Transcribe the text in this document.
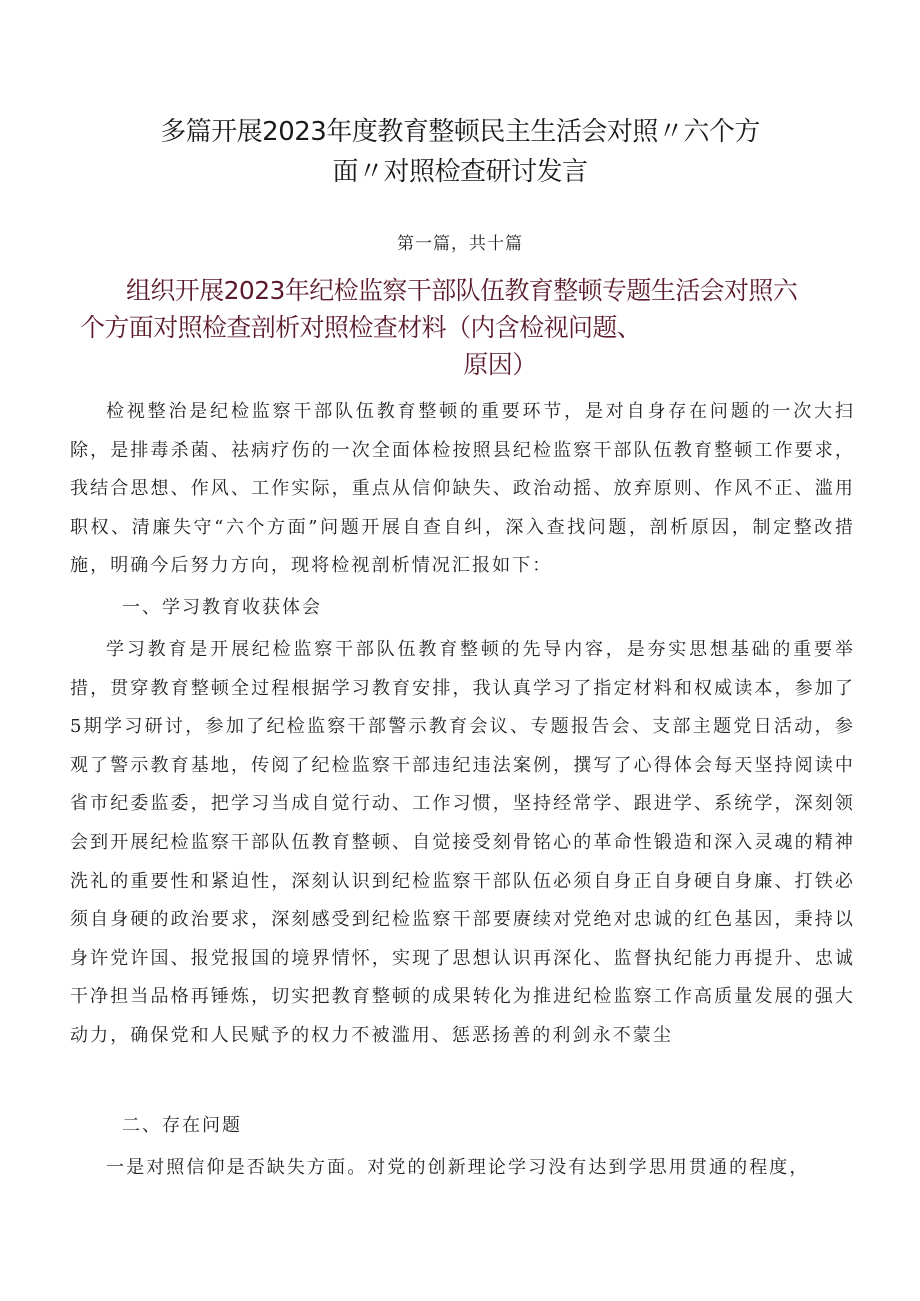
多篇开展2023年度教育整顿民主生活会对照〃六个方
面〃对照检查研讨发言
第一篇，共十篇
组织开展2023年纪检监察干部队伍教育整顿专题生活会对照六
个方面对照检查剖析对照检查材料（内含检视问题、
原因）

检视整治是纪检监察干部队伍教育整顿的重要环节，是对自身存在问题的一次大扫除，是排毒杀菌、祛病疗伤的一次全面体检按照县纪检监察干部队伍教育整顿工作要求，我结合思想、作风、工作实际，重点从信仰缺失、政治动摇、放弃原则、作风不正、滥用职权、清廉失守“六个方面”问题开展自查自纠，深入查找问题，剖析原因，制定整改措施，明确今后努力方向，现将检视剖析情况汇报如下：

一、学习教育收获体会

学习教育是开展纪检监察干部队伍教育整顿的先导内容，是夯实思想基础的重要举措，贯穿教育整顿全过程根据学习教育安排，我认真学习了指定材料和权威读本，参加了5期学习研讨，参加了纪检监察干部警示教育会议、专题报告会、支部主题党日活动，参观了警示教育基地，传阅了纪检监察干部违纪违法案例，撰写了心得体会每天坚持阅读中省市纪委监委，把学习当成自觉行动、工作习惯，坚持经常学、跟进学、系统学，深刻领会到开展纪检监察干部队伍教育整顿、自觉接受刻骨铭心的革命性锻造和深入灵魂的精神洗礼的重要性和紧迫性，深刻认识到纪检监察干部队伍必须自身正自身硬自身廉、打铁必须自身硬的政治要求，深刻感受到纪检监察干部要赓续对党绝对忠诚的红色基因，秉持以身许党许国、报党报国的境界情怀，实现了思想认识再深化、监督执纪能力再提升、忠诚干净担当品格再锤炼，切实把教育整顿的成果转化为推进纪检监察工作高质量发展的强大动力，确保党和人民赋予的权力不被滥用、惩恶扬善的利剑永不蒙尘

二、存在问题

一是对照信仰是否缺失方面。对党的创新理论学习没有达到学思用贯通的程度，
